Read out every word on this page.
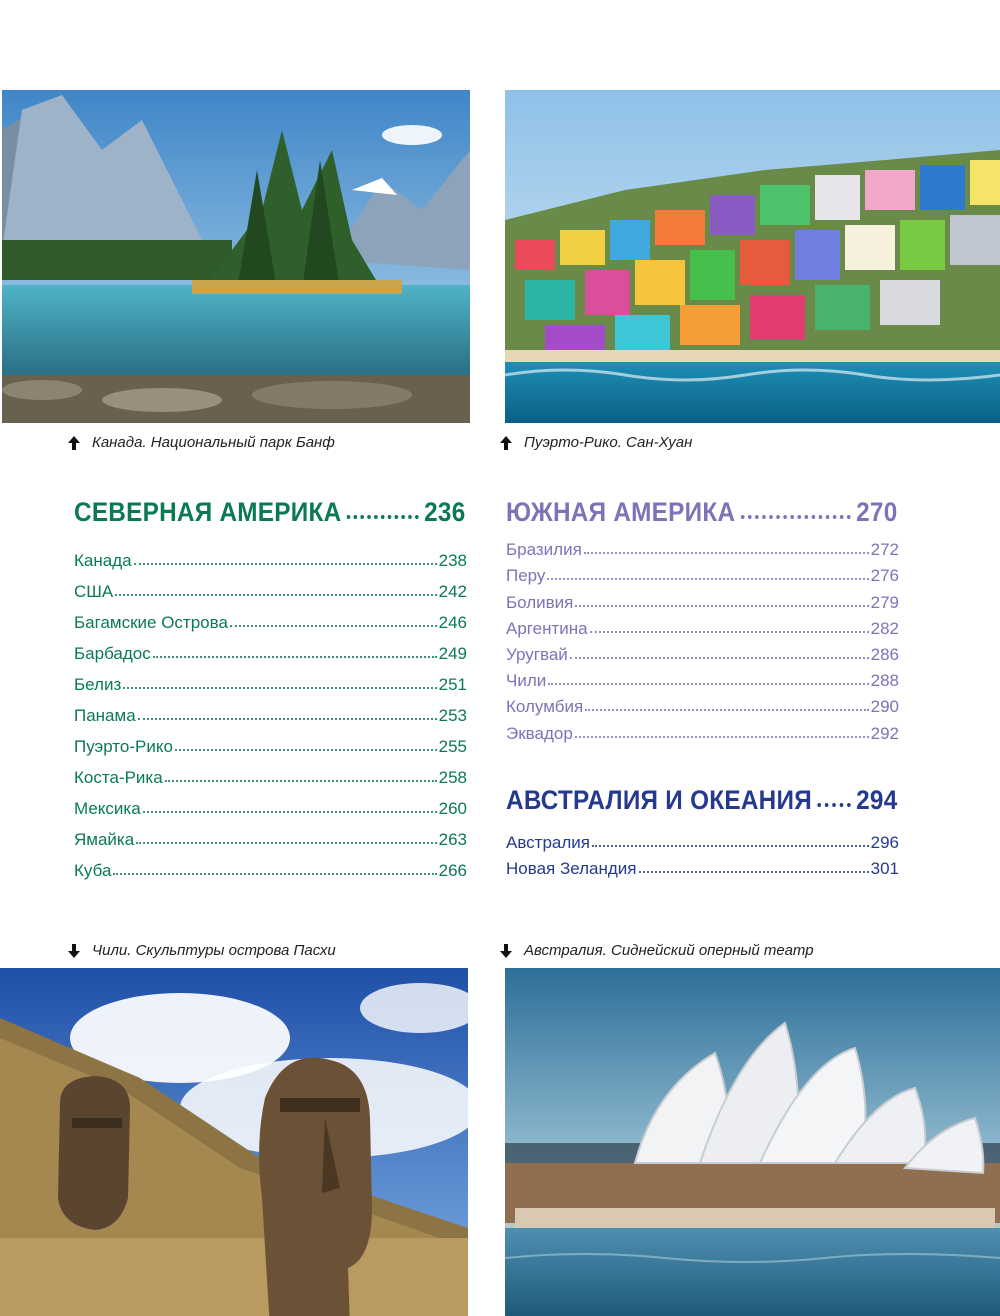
Канада. Национальный парк Банф	Пуэрто-Рико. Сан-Хуан
СЕВЕРНАЯ АМЕРИКА	236
Канада	238
США	242
Багамские Острова	246
Барбадос	249
Белиз	251
Панама	253
Пуэрто-Рико	255
Коста-Рика	258
Мексика	260
Ямайка	263
Куба	266
ЮЖНАЯ АМЕРИКА	270
Бразилия	272
Перу	276
Боливия	279
Аргентина	282
Уругвай	286
Чили	288
Колумбия	290
Эквадор	292
АВСТРАЛИЯ И ОКЕАНИЯ 294
Австралия	296
Новая Зеландия	301
Чили. Скульптуры острова Пасхи	Австралия. Сиднейский оперный театр
